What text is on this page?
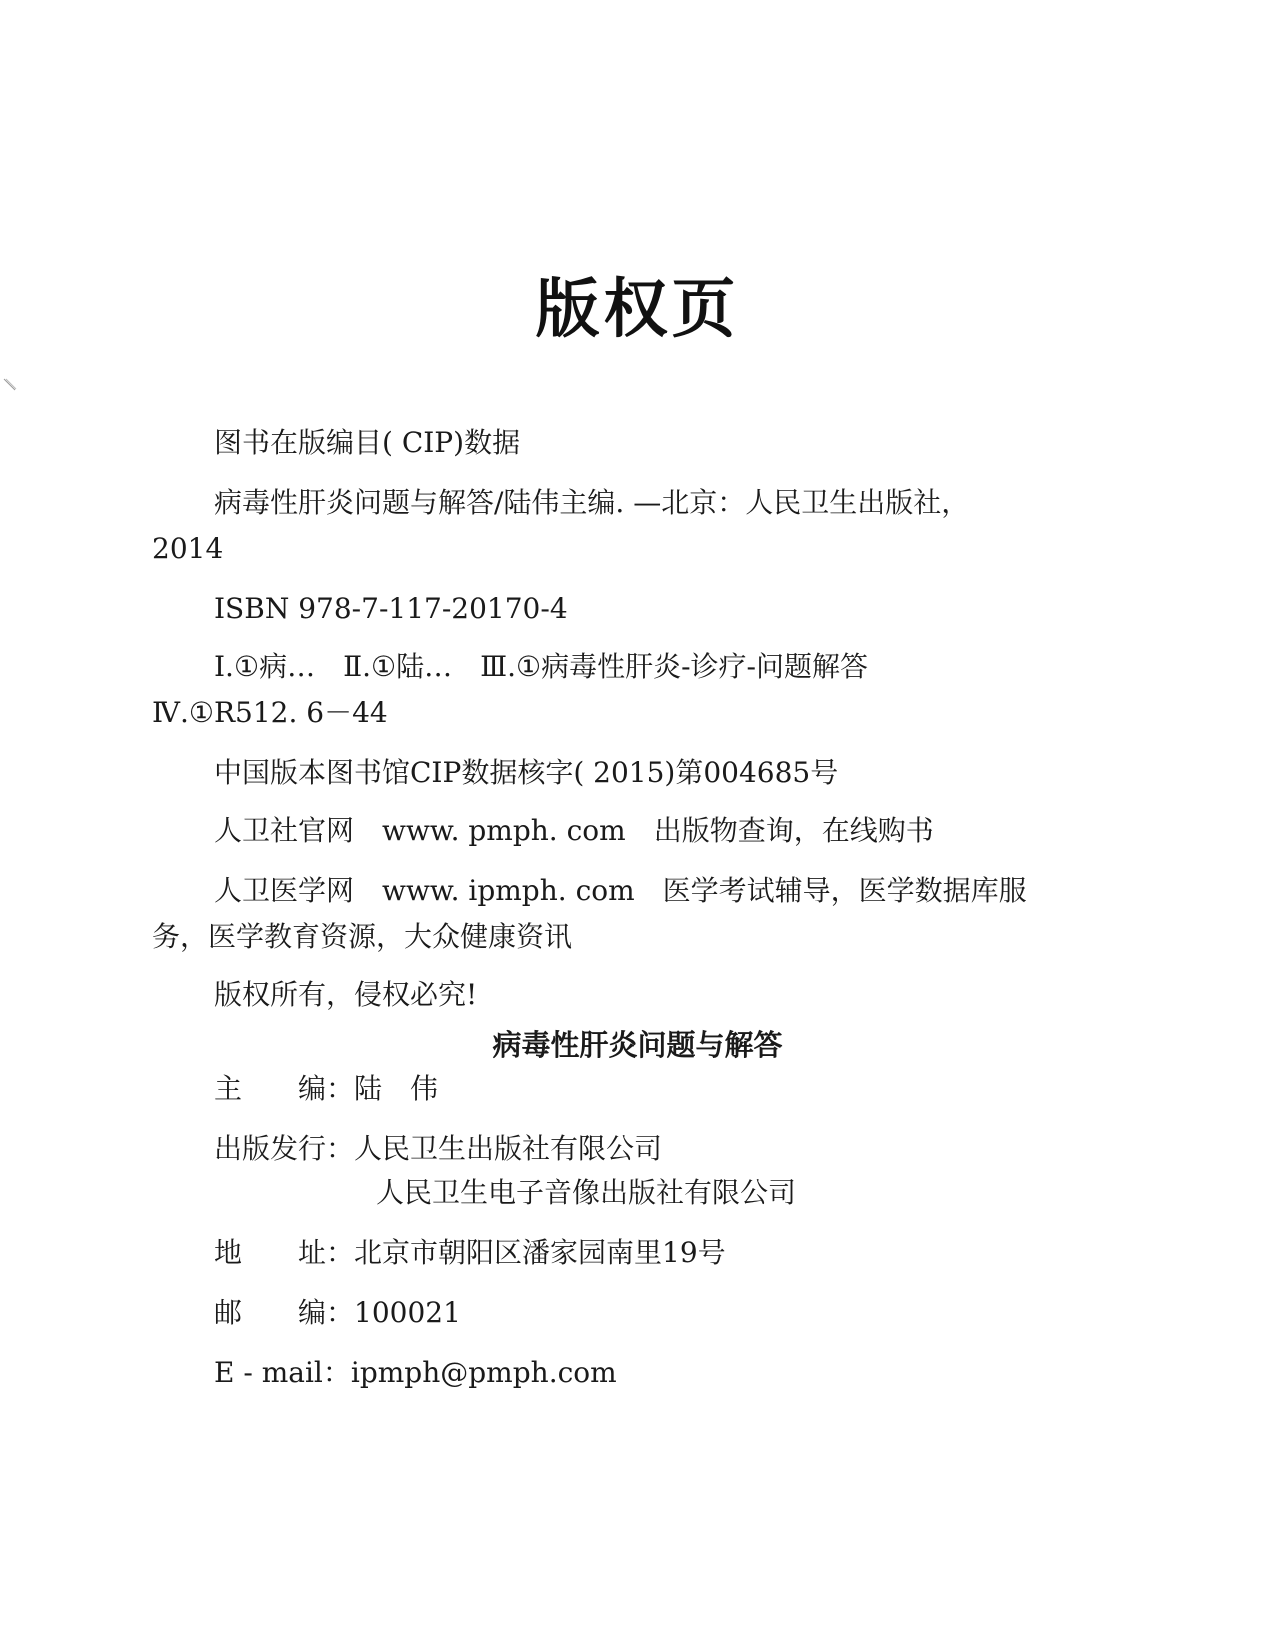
版权页
图书在版编目( CIP)数据
病毒性肝炎问题与解答/陆伟主编. —北京：人民卫生出版社，
2014
ISBN 978-7-117-20170-4
Ⅰ.①病…　Ⅱ.①陆…　Ⅲ.①病毒性肝炎-诊疗-问题解答
Ⅳ.①R512. 6－44
中国版本图书馆CIP数据核字( 2015)第004685号
人卫社官网　www. pmph. com　出版物查询，在线购书
人卫医学网　www. ipmph. com　医学考试辅导，医学数据库服
务，医学教育资源，大众健康资讯
版权所有，侵权必究!
病毒性肝炎问题与解答
主　　编：陆　伟
出版发行：人民卫生出版社有限公司
人民卫生电子音像出版社有限公司
地　　址：北京市朝阳区潘家园南里19号
邮　　编：100021
E - mail：ipmph@pmph.com
